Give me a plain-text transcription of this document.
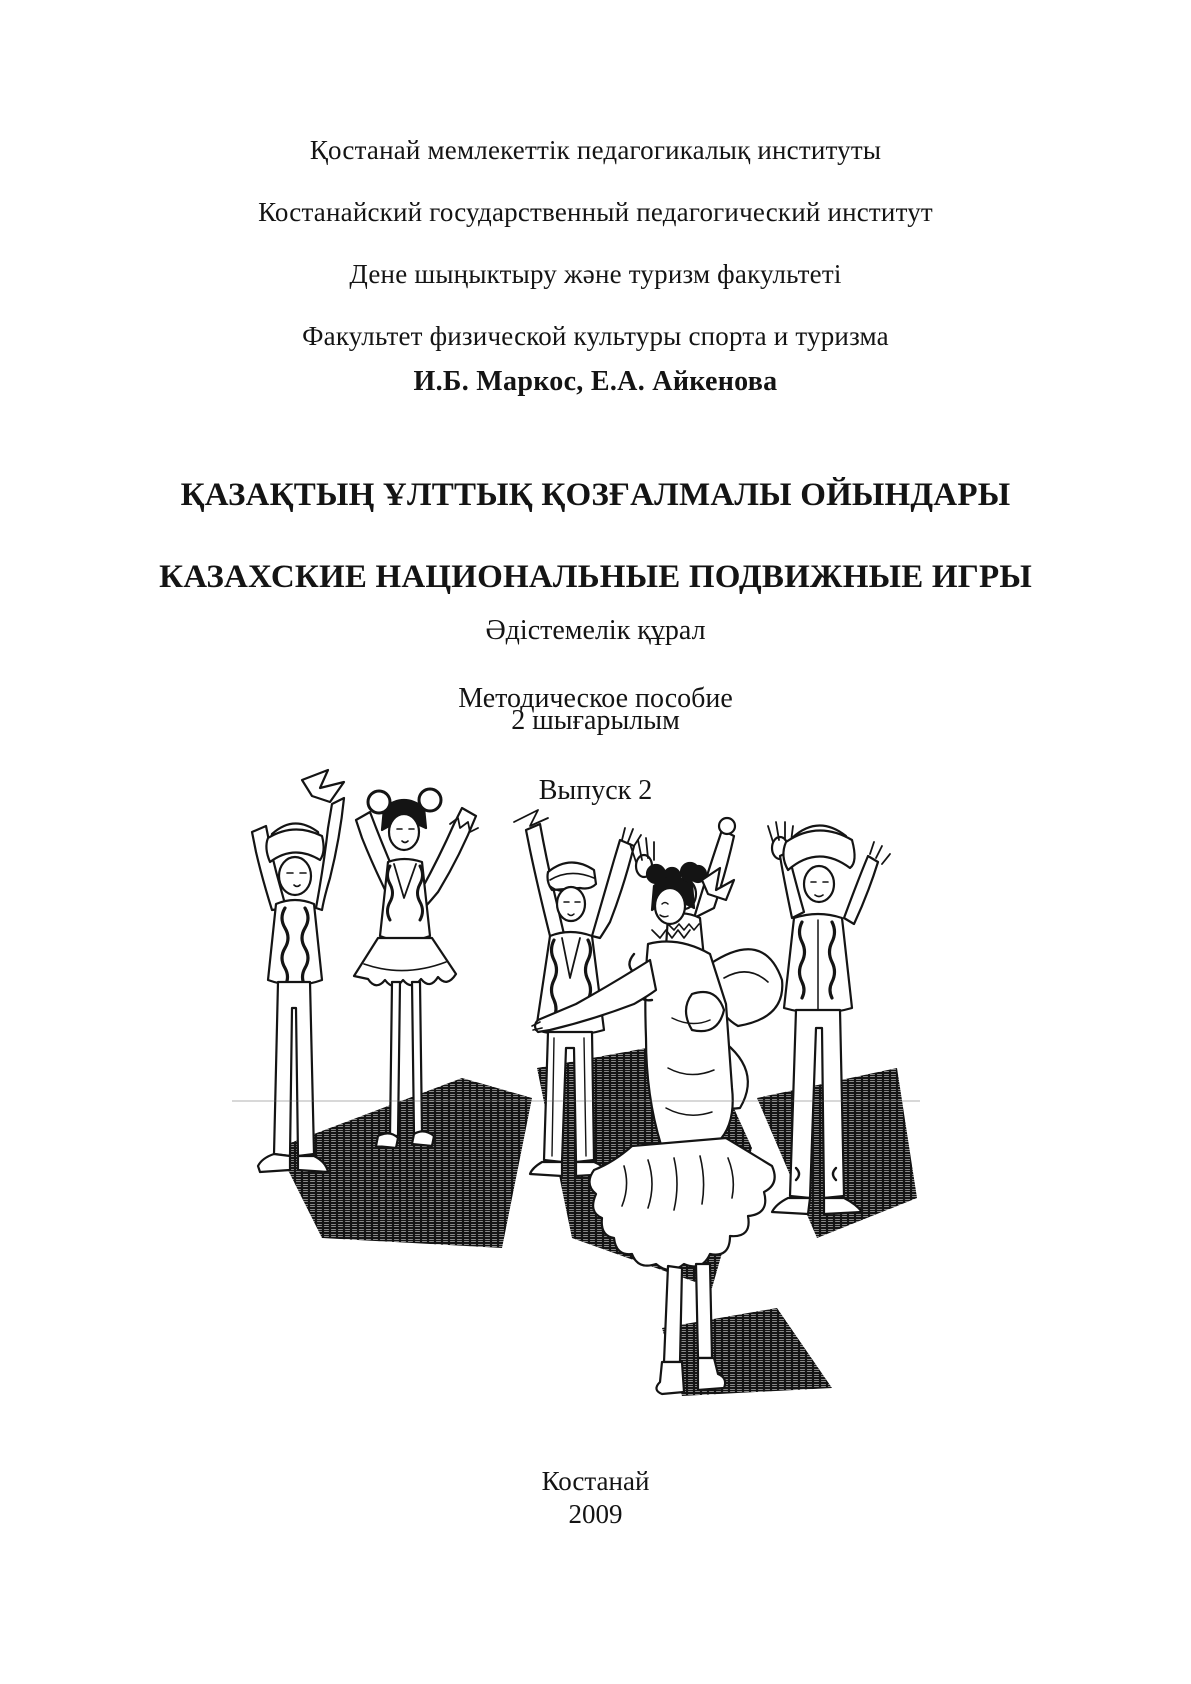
Қостанай мемлекеттік педагогикалық институты

Костанайский государственный педагогический институт

Дене шыңыктыру және туризм факультеті

Факультет физической культуры спорта и туризма

И.Б. Маркос, Е.А. Айкенова

ҚАЗАҚТЫҢ ҰЛТТЫҚ ҚОЗҒАЛМАЛЫ ОЙЫНДАРЫ

КАЗАХСКИЕ НАЦИОНАЛЬНЫЕ ПОДВИЖНЫЕ ИГРЫ

Әдістемелік құрал

Методическое пособие

2 шығарылым

Выпуск 2

Костанай
2009
